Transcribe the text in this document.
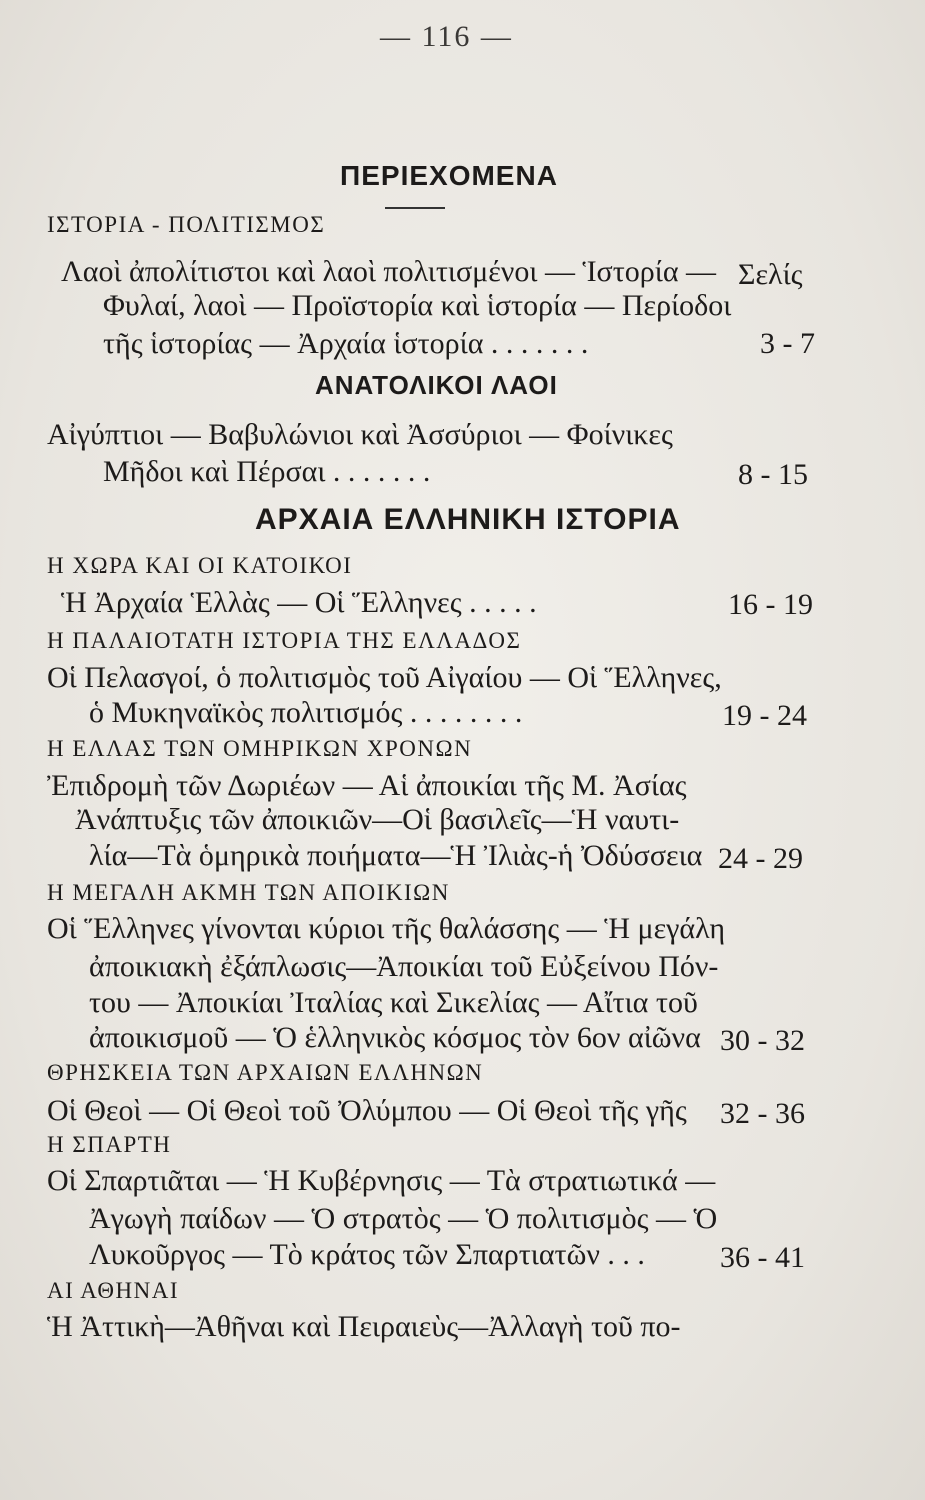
— 116 —
ΠΕΡΙΕΧΟΜΕΝΑ
ΙΣΤΟΡΙΑ - ΠΟΛΙΤΙΣΜΟΣ
Λαοὶ ἀπολίτιστοι καὶ λαοὶ πολιτισμένοι — Ἱστορία — Σελίς
Φυλαί, λαοὶ — Προϊστορία καὶ ἱστορία — Περίοδοι
τῆς ἱστορίας — Ἀρχαία ἱστορία . . . . . . .	3 - 7
ΑΝΑΤΟΛΙΚΟΙ ΛΑΟΙ
Αἰγύπτιοι — Βαβυλώνιοι καὶ Ἀσσύριοι — Φοίνικες
Μῆδοι καὶ Πέρσαι . . . . . . .	8 - 15
ΑΡΧΑΙΑ ΕΛΛΗΝΙΚΗ ΙΣΤΟΡΙΑ
Η ΧΩΡΑ ΚΑΙ ΟΙ ΚΑΤΟΙΚΟΙ
Ἡ Ἀρχαία Ἑλλὰς — Οἱ Ἕλληνες . . . . .	16 - 19
Η ΠΑΛΑΙΟΤΑΤΗ ΙΣΤΟΡΙΑ ΤΗΣ ΕΛΛΑΔΟΣ
Οἱ Πελασγοί, ὁ πολιτισμὸς τοῦ Αἰγαίου — Οἱ Ἕλληνες,
ὁ Μυκηναϊκὸς πολιτισμός . . . . . . . .	19 - 24
Η ΕΛΛΑΣ ΤΩΝ ΟΜΗΡΙΚΩΝ ΧΡΟΝΩΝ
Ἐπιδρομὴ τῶν Δωριέων — Αἱ ἀποικίαι τῆς Μ. Ἀσίας
Ἀνάπτυξις τῶν ἀποικιῶν—Οἱ βασιλεῖς—Ἡ ναυτι-
λία—Τὰ ὁμηρικὰ ποιήματα—Ἡ Ἰλιὰς-ἡ Ὀδύσσεια 24 - 29
Η ΜΕΓΑΛΗ ΑΚΜΗ ΤΩΝ ΑΠΟΙΚΙΩΝ
Οἱ Ἕλληνες γίνονται κύριοι τῆς θαλάσσης — Ἡ μεγάλη
ἀποικιακὴ ἐξάπλωσις—Ἀποικίαι τοῦ Εὐξείνου Πόν-
του — Ἀποικίαι Ἰταλίας καὶ Σικελίας — Αἴτια τοῦ
ἀποικισμοῦ — Ὁ ἑλληνικὸς κόσμος τὸν 6ον αἰῶνα 30 - 32
ΘΡΗΣΚΕΙΑ ΤΩΝ ΑΡΧΑΙΩΝ ΕΛΛΗΝΩΝ
Οἱ Θεοὶ — Οἱ Θεοὶ τοῦ Ὀλύμπου — Οἱ Θεοὶ τῆς γῆς 32 - 36
Η ΣΠΑΡΤΗ
Οἱ Σπαρτιᾶται — Ἡ Κυβέρνησις — Τὰ στρατιωτικά —
Ἀγωγὴ παίδων — Ὁ στρατὸς — Ὁ πολιτισμὸς — Ὁ
Λυκοῦργος — Τὸ κράτος τῶν Σπαρτιατῶν . . .	36 - 41
ΑΙ ΑΘΗΝΑΙ
Ἡ Ἀττικὴ—Ἀθῆναι καὶ Πειραιεὺς—Ἀλλαγὴ τοῦ πο-
